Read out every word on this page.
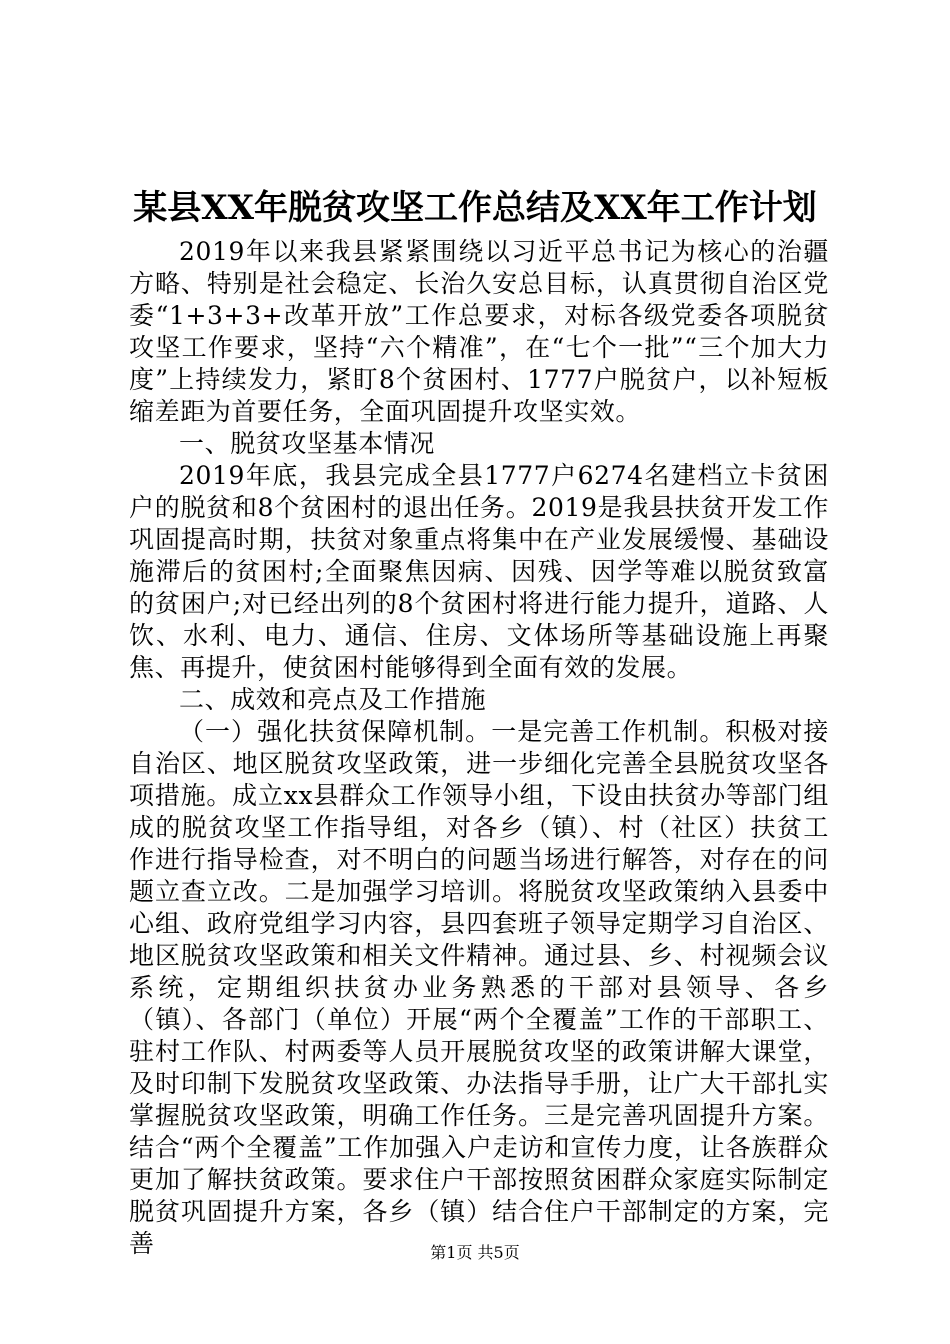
某县XX年脱贫攻坚工作总结及XX年工作计划

2019年以来我县紧紧围绕以习近平总书记为核心的治疆方略、特别是社会稳定、长治久安总目标，认真贯彻自治区党委“1+3+3+改革开放”工作总要求，对标各级党委各项脱贫攻坚工作要求，坚持“六个精准”，在“七个一批”“三个加大力度”上持续发力，紧盯8个贫困村、1777户脱贫户，以补短板缩差距为首要任务，全面巩固提升攻坚实效。

一、脱贫攻坚基本情况

2019年底，我县完成全县1777户6274名建档立卡贫困户的脱贫和8个贫困村的退出任务。2019是我县扶贫开发工作巩固提高时期，扶贫对象重点将集中在产业发展缓慢、基础设施滞后的贫困村;全面聚焦因病、因残、因学等难以脱贫致富的贫困户;对已经出列的8个贫困村将进行能力提升，道路、人饮、水利、电力、通信、住房、文体场所等基础设施上再聚焦、再提升，使贫困村能够得到全面有效的发展。

二、成效和亮点及工作措施

（一）强化扶贫保障机制。一是完善工作机制。积极对接自治区、地区脱贫攻坚政策，进一步细化完善全县脱贫攻坚各项措施。成立xx县群众工作领导小组，下设由扶贫办等部门组成的脱贫攻坚工作指导组，对各乡（镇）、村（社区）扶贫工作进行指导检查，对不明白的问题当场进行解答，对存在的问题立查立改。二是加强学习培训。将脱贫攻坚政策纳入县委中心组、政府党组学习内容，县四套班子领导定期学习自治区、地区脱贫攻坚政策和相关文件精神。通过县、乡、村视频会议系统，定期组织扶贫办业务熟悉的干部对县领导、各乡（镇）、各部门（单位）开展“两个全覆盖”工作的干部职工、驻村工作队、村两委等人员开展脱贫攻坚的政策讲解大课堂，及时印制下发脱贫攻坚政策、办法指导手册，让广大干部扎实掌握脱贫攻坚政策，明确工作任务。三是完善巩固提升方案。结合“两个全覆盖”工作加强入户走访和宣传力度，让各族群众更加了解扶贫政策。要求住户干部按照贫困群众家庭实际制定脱贫巩固提升方案，各乡（镇）结合住户干部制定的方案，完善	第1页 共5页
